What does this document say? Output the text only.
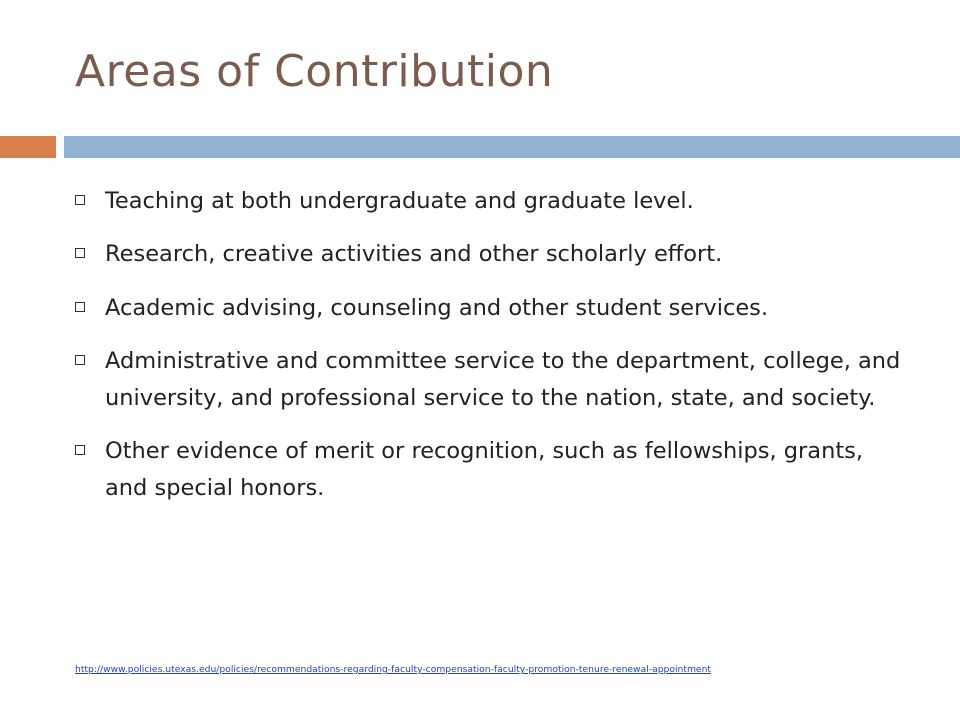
Areas of Contribution
Teaching at both undergraduate and graduate level.
Research, creative activities and other scholarly effort.
Academic advising, counseling and other student services.
Administrative and committee service to the department, college, and university, and professional service to the nation, state, and society.
Other evidence of merit or recognition, such as fellowships, grants, and special honors.
http://www.policies.utexas.edu/policies/recommendations-regarding-faculty-compensation-faculty-promotion-tenure-renewal-appointment
